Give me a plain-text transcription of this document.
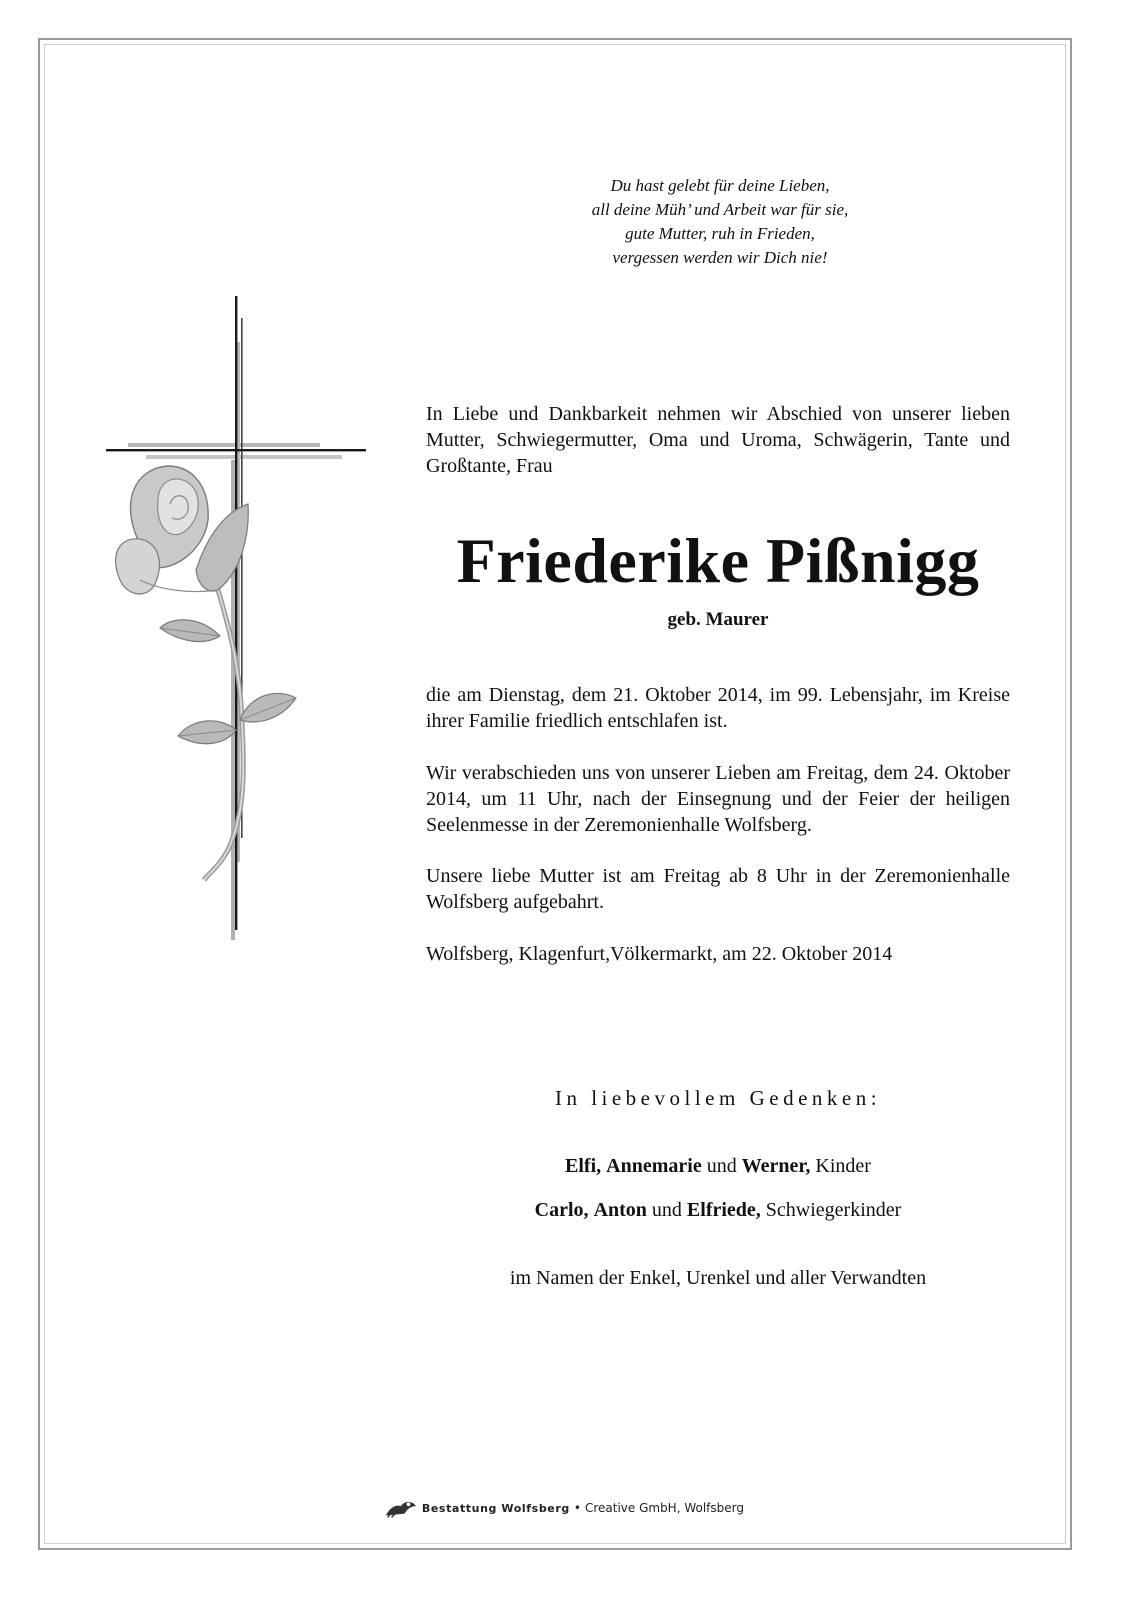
Du hast gelebt für deine Lieben,
all deine Müh’ und Arbeit war für sie,
gute Mutter, ruh in Frieden,
vergessen werden wir Dich nie!
In Liebe und Dankbarkeit nehmen wir Abschied von unserer lieben Mutter, Schwiegermutter, Oma und Uroma, Schwägerin, Tante und Großtante, Frau
Friederike Pißnigg
geb. Maurer
die am Dienstag, dem 21. Oktober 2014, im 99. Lebensjahr, im Kreise ihrer Familie friedlich entschlafen ist.
Wir verabschieden uns von unserer Lieben am Freitag, dem 24. Oktober 2014, um 11 Uhr, nach der Einsegnung und der Feier der heiligen Seelenmesse in der Zeremonienhalle Wolfsberg.
Unsere liebe Mutter ist am Freitag ab 8 Uhr in der Zeremonienhalle Wolfsberg aufgebahrt.
Wolfsberg, Klagenfurt,Völkermarkt, am 22. Oktober 2014
In liebevollem Gedenken:
Elfi, Annemarie und Werner, Kinder
Carlo, Anton und Elfriede, Schwiegerkinder
im Namen der Enkel, Urenkel und aller Verwandten
Bestattung Wolfsberg • Creative GmbH, Wolfsberg
